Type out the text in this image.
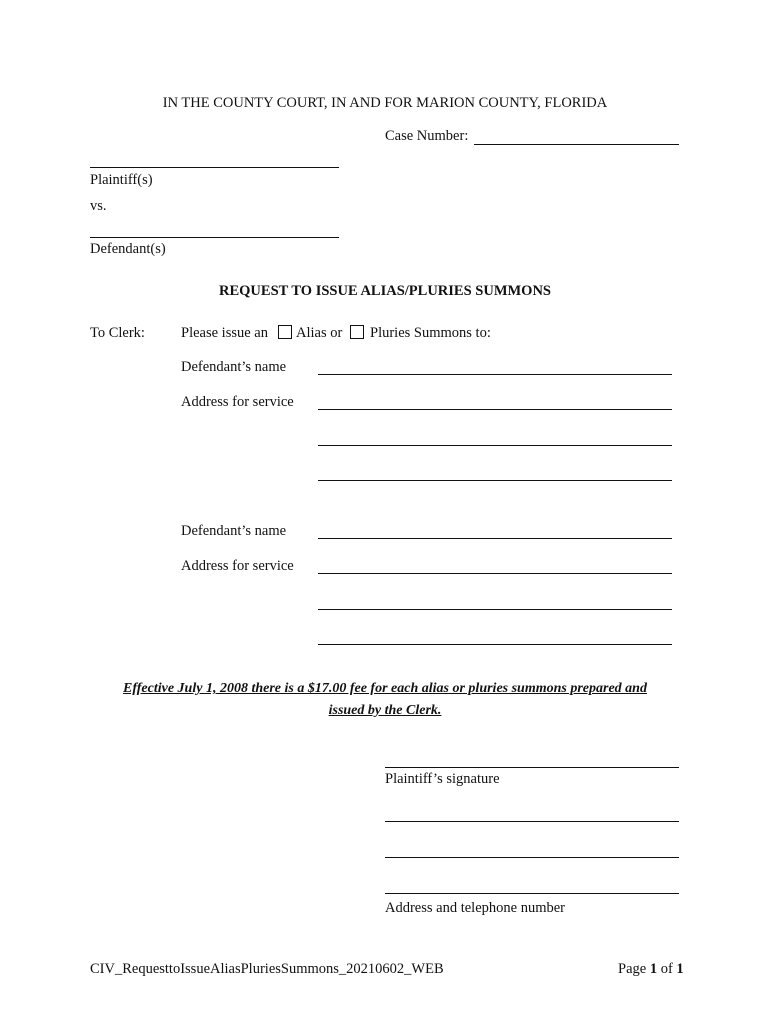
IN THE COUNTY COURT, IN AND FOR MARION COUNTY, FLORIDA
Case Number:
Plaintiff(s)
vs.
Defendant(s)
REQUEST TO ISSUE ALIAS/PLURIES SUMMONS
To Clerk: Please issue an Alias or Pluries Summons to:
Defendant’s name
Address for service
Defendant’s name
Address for service
Effective July 1, 2008 there is a $17.00 fee for each alias or pluries summons prepared and
issued by the Clerk.
Plaintiff’s signature
Address and telephone number
CIV_RequesttoIssueAliasPluriesSummons_20210602_WEB	Page 1 of 1
